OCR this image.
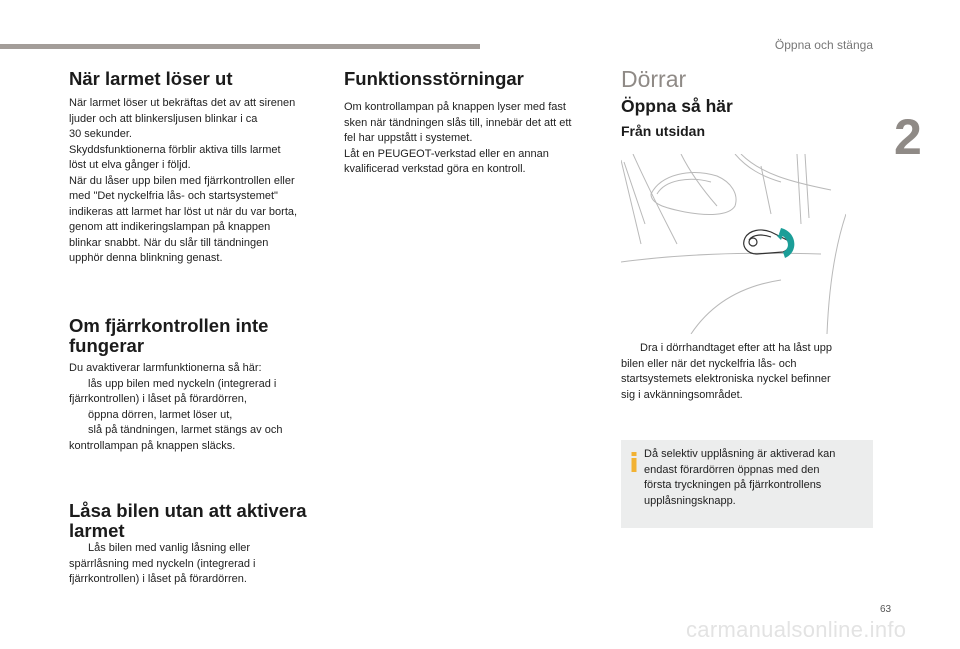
Öppna och stänga
2
När larmet löser ut

När larmet löser ut bekräftas det av att sirenen
ljuder och att blinkersljusen blinkar i ca
30 sekunder.
Skyddsfunktionerna förblir aktiva tills larmet
löst ut elva gånger i följd.
När du låser upp bilen med fjärrkontrollen eller
med "Det nyckelfria lås- och startsystemet"
indikeras att larmet har löst ut när du var borta,
genom att indikeringslampan på knappen
blinkar snabbt. När du slår till tändningen
upphör denna blinkning genast.

Om fjärrkontrollen inte
fungerar

Du avaktiverar larmfunktionerna så här:

lås upp bilen med nyckeln (integrerad i
fjärrkontrollen) i låset på förardörren,

öppna dörren, larmet löser ut,

slå på tändningen, larmet stängs av och
kontrollampan på knappen släcks.

Låsa bilen utan att aktivera
larmet

Lås bilen med vanlig låsning eller
spärrlåsning med nyckeln (integrerad i
fjärrkontrollen) i låset på förardörren.

Funktionsstörningar

Om kontrollampan på knappen lyser med fast
sken när tändningen slås till, innebär det att ett
fel har uppstått i systemet.
Låt en PEUGEOT-verkstad eller en annan
kvalificerad verkstad göra en kontroll.

Dörrar
Öppna så här
Från utsidan

Dra i dörrhandtaget efter att ha låst upp
bilen eller när det nyckelfria lås- och
startsystemets elektroniska nyckel befinner
sig i avkänningsområdet.

Då selektiv upplåsning är aktiverad kan
endast förardörren öppnas med den
första tryckningen på fjärrkontrollens
upplåsningsknapp.

63
carmanualsonline.info
